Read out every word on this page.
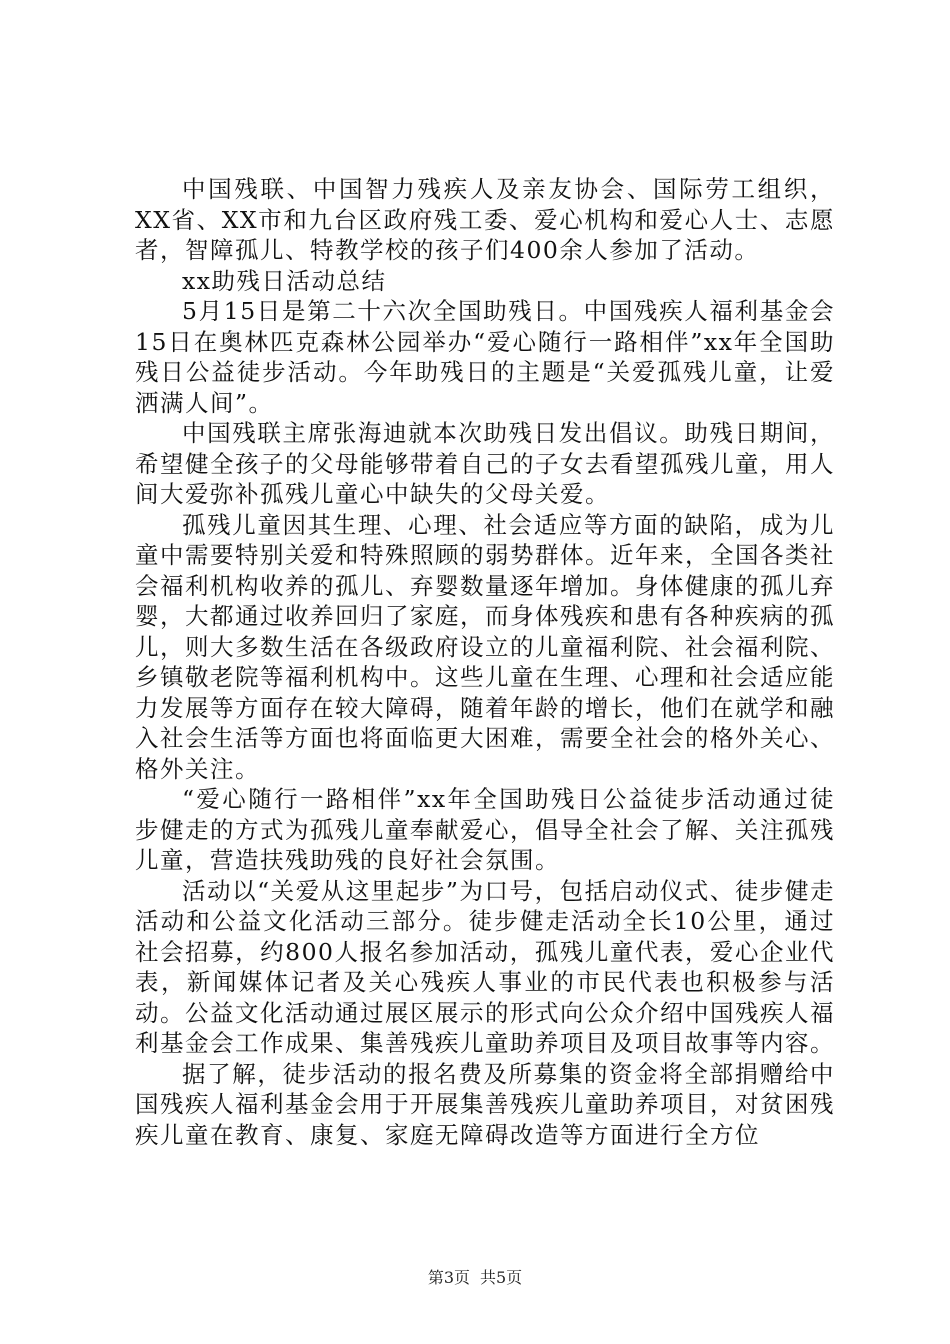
中国残联、中国智力残疾人及亲友协会、国际劳工组织，XX省、XX市和九台区政府残工委、爱心机构和爱心人士、志愿者，智障孤儿、特教学校的孩子们400余人参加了活动。

xx助残日活动总结

5月15日是第二十六次全国助残日。中国残疾人福利基金会15日在奥林匹克森林公园举办“爱心随行一路相伴”xx年全国助残日公益徒步活动。今年助残日的主题是“关爱孤残儿童，让爱洒满人间”。

中国残联主席张海迪就本次助残日发出倡议。助残日期间，希望健全孩子的父母能够带着自己的子女去看望孤残儿童，用人间大爱弥补孤残儿童心中缺失的父母关爱。

孤残儿童因其生理、心理、社会适应等方面的缺陷，成为儿童中需要特别关爱和特殊照顾的弱势群体。近年来，全国各类社会福利机构收养的孤儿、弃婴数量逐年增加。身体健康的孤儿弃婴，大都通过收养回归了家庭，而身体残疾和患有各种疾病的孤儿，则大多数生活在各级政府设立的儿童福利院、社会福利院、乡镇敬老院等福利机构中。这些儿童在生理、心理和社会适应能力发展等方面存在较大障碍，随着年龄的增长，他们在就学和融入社会生活等方面也将面临更大困难，需要全社会的格外关心、格外关注。

“爱心随行一路相伴”xx年全国助残日公益徒步活动通过徒步健走的方式为孤残儿童奉献爱心，倡导全社会了解、关注孤残儿童，营造扶残助残的良好社会氛围。

活动以“关爱从这里起步”为口号，包括启动仪式、徒步健走活动和公益文化活动三部分。徒步健走活动全长10公里，通过社会招募，约800人报名参加活动，孤残儿童代表，爱心企业代表，新闻媒体记者及关心残疾人事业的市民代表也积极参与活动。公益文化活动通过展区展示的形式向公众介绍中国残疾人福利基金会工作成果、集善残疾儿童助养项目及项目故事等内容。

据了解，徒步活动的报名费及所募集的资金将全部捐赠给中国残疾人福利基金会用于开展集善残疾儿童助养项目，对贫困残疾儿童在教育、康复、家庭无障碍改造等方面进行全方位

第3页 共5页
